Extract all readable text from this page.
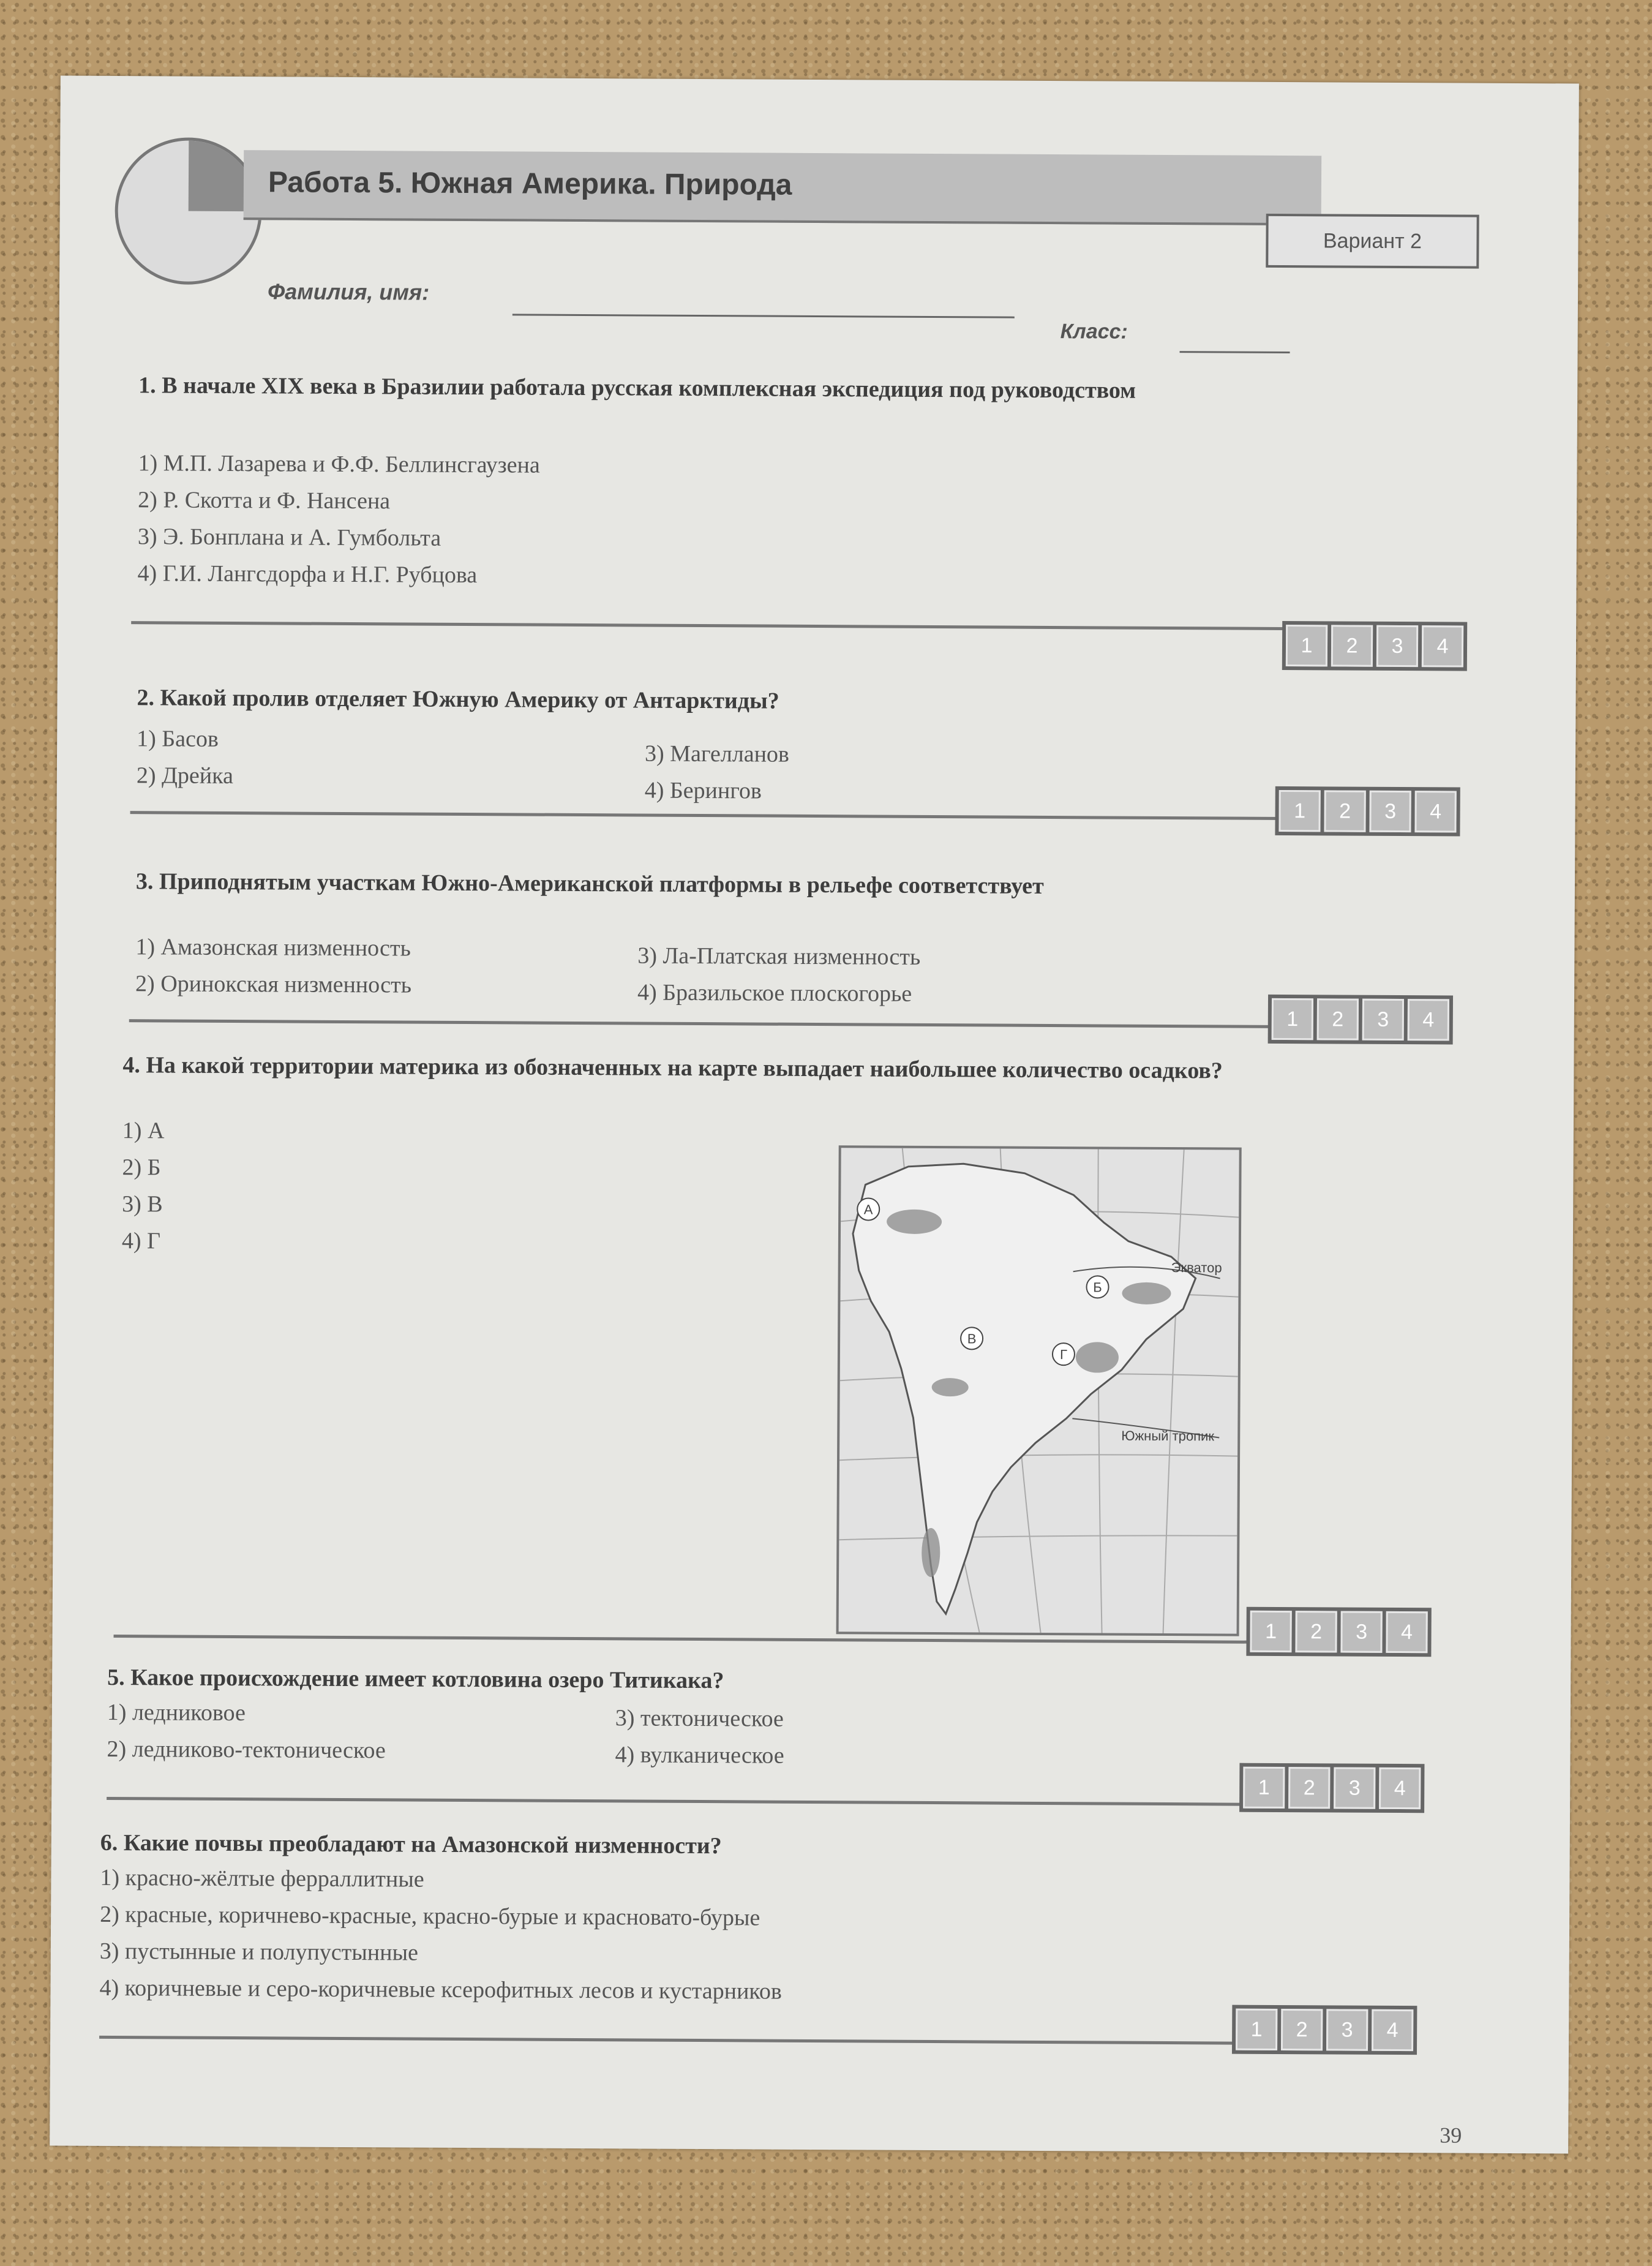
Работа 5. Южная Америка. Природа
Вариант 2
Фамилия, имя:
Класс:
1. В начале XIX века в Бразилии работала русская комплексная экспедиция под руководством
1) М.П. Лазарева и Ф.Ф. Беллинсгаузена
2) Р. Скотта и Ф. Нансена
3) Э. Бонплана и А. Гумбольта
4) Г.И. Лангсдорфа и Н.Г. Рубцова
1	2	3	4
2. Какой пролив отделяет Южную Америку от Антарктиды?
1) Басов
2) Дрейка
3) Магелланов
4) Берингов
1	2	3	4
3. Приподнятым участкам Южно-Американской платформы в рельефе соответствует
1) Амазонская низменность
2) Оринокская низменность
3) Ла-Платская низменность
4) Бразильское плоскогорье
1	2	3	4
4. На какой территории материка из обозначенных на карте выпадает наибольшее количество осадков?
1) А
2) Б
3) В
4) Г
Экватор
Южный тропик
А
Б
В
Г
1	2	3	4
5. Какое происхождение имеет котловина озеро Титикака?
1) ледниковое
2) ледниково-тектоническое
3) тектоническое
4) вулканическое
1	2	3	4
6. Какие почвы преобладают на Амазонской низменности?
1) красно-жёлтые ферраллитные
2) красные, коричнево-красные, красно-бурые и красновато-бурые
3) пустынные и полупустынные
4) коричневые и серо-коричневые ксерофитных лесов и кустарников
1	2	3	4
39
